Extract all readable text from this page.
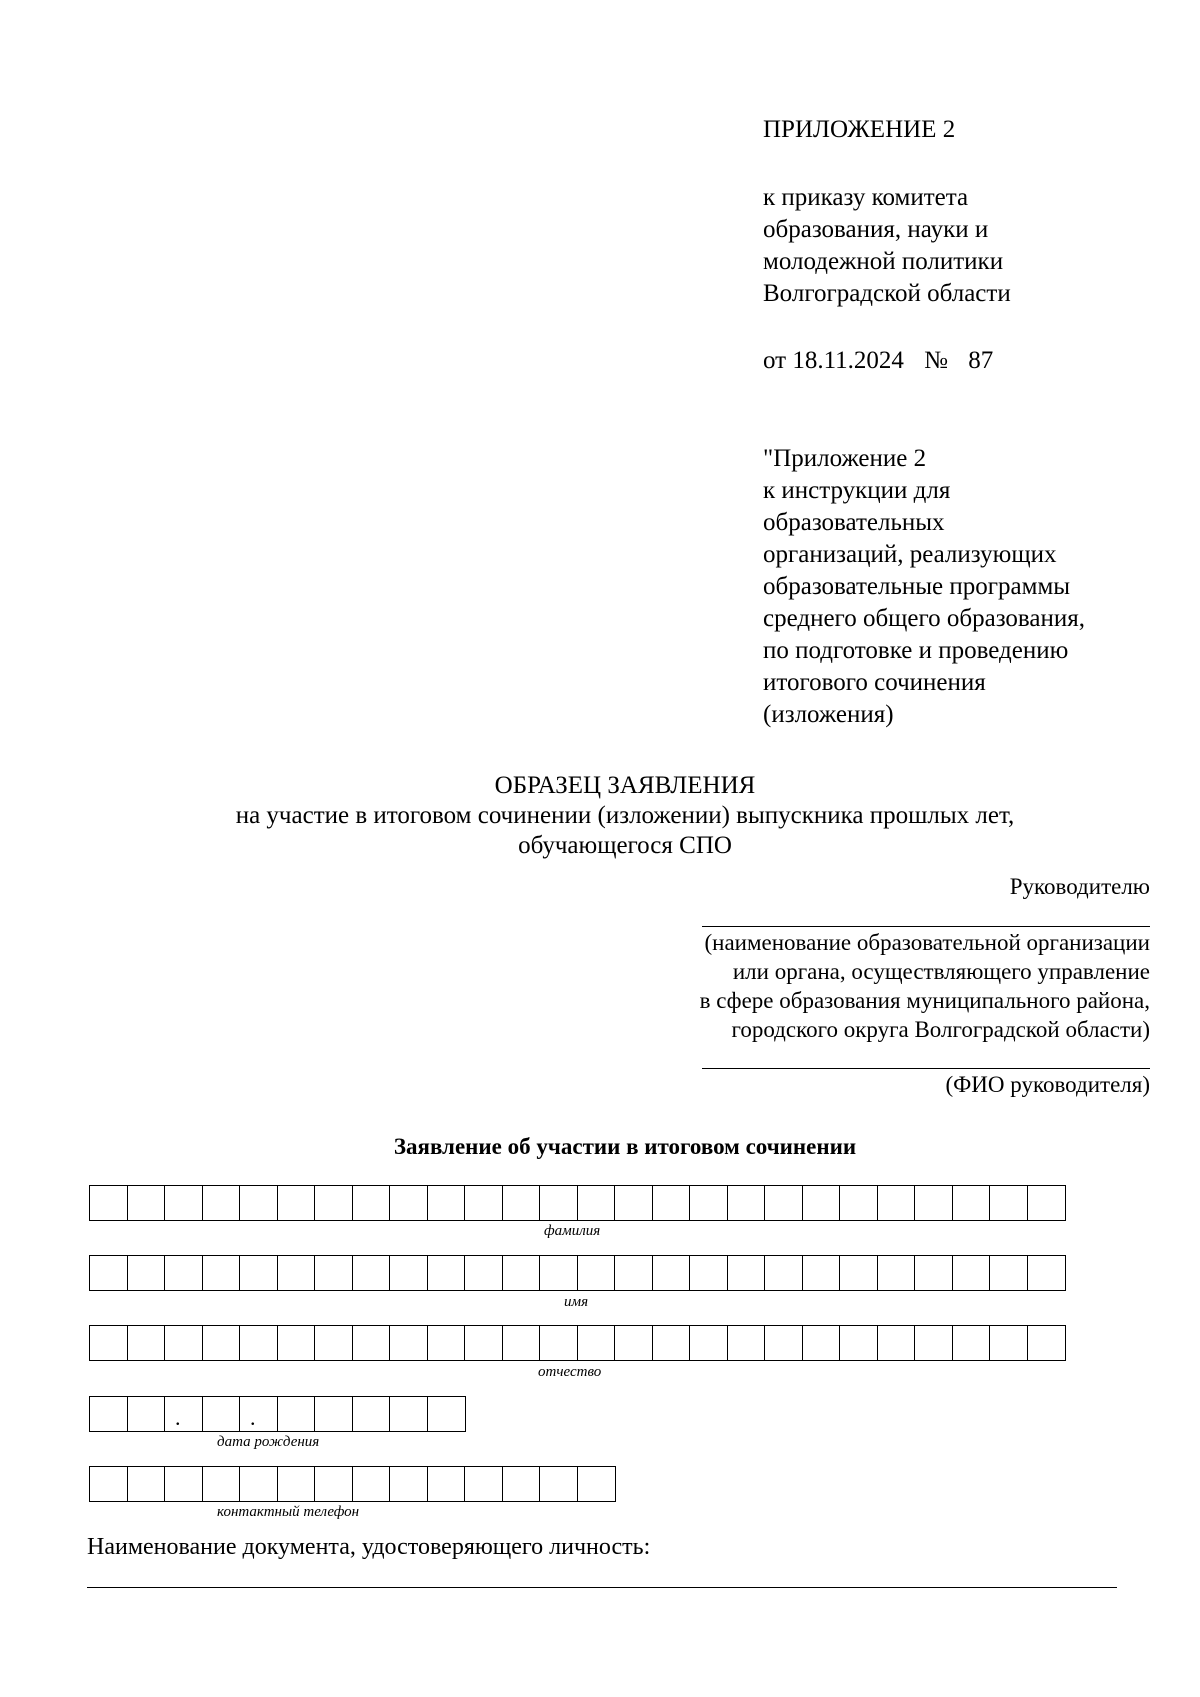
ПРИЛОЖЕНИЕ 2
к приказу комитета
образования, науки и
молодежной политики
Волгоградской области
от 18.11.2024 № 87
"Приложение 2
к инструкции для
образовательных
организаций, реализующих
образовательные программы
среднего общего образования,
по подготовке и проведению
итогового сочинения
(изложения)
ОБРАЗЕЦ ЗАЯВЛЕНИЯ
на участие в итоговом сочинении (изложении) выпускника прошлых лет,
обучающегося СПО
Руководителю
(наименование образовательной организации
или органа, осуществляющего управление
в сфере образования муниципального района,
городского округа Волгоградской области)
(ФИО руководителя)
Заявление об участии в итоговом сочинении
фамилия
имя
отчество
.	.
дата рождения
контактный телефон
Наименование документа, удостоверяющего личность:
